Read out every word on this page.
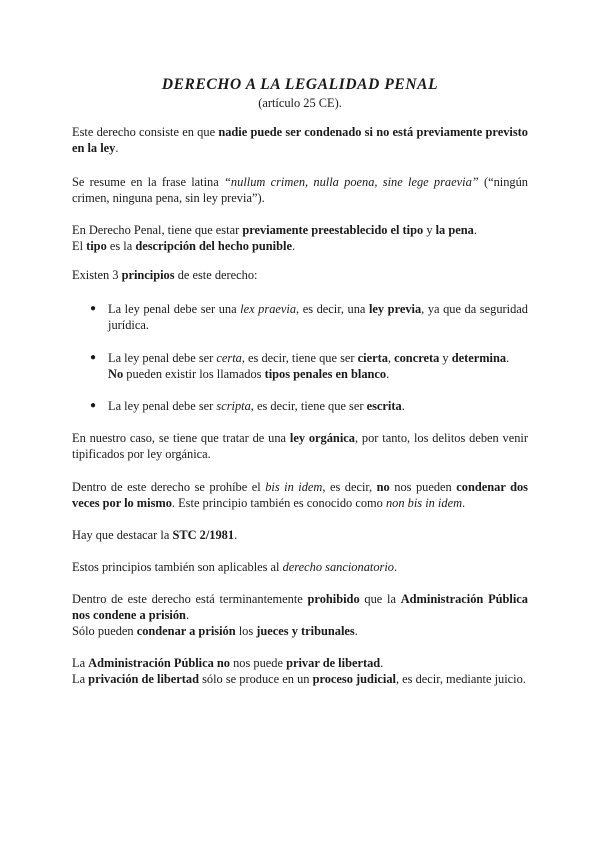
DERECHO A LA LEGALIDAD PENAL
(artículo 25 CE).

Este derecho consiste en que nadie puede ser condenado si no está previamente previsto en la ley.

Se resume en la frase latina “nullum crimen, nulla poena, sine lege praevia” (“ningún crimen, ninguna pena, sin ley previa”).

En Derecho Penal, tiene que estar previamente preestablecido el tipo y la pena.
El tipo es la descripción del hecho punible.

Existen 3 principios de este derecho:

● La ley penal debe ser una lex praevia, es decir, una ley previa, ya que da seguridad jurídica.

● La ley penal debe ser certa, es decir, tiene que ser cierta, concreta y determina.
No pueden existir los llamados tipos penales en blanco.

● La ley penal debe ser scripta, es decir, tiene que ser escrita.

En nuestro caso, se tiene que tratar de una ley orgánica, por tanto, los delitos deben venir tipificados por ley orgánica.

Dentro de este derecho se prohíbe el bis in idem, es decir, no nos pueden condenar dos veces por lo mismo. Este principio también es conocido como non bis in idem.

Hay que destacar la STC 2/1981.

Estos principios también son aplicables al derecho sancionatorio.

Dentro de este derecho está terminantemente prohibido que la Administración Pública nos condene a prisión.
Sólo pueden condenar a prisión los jueces y tribunales.

La Administración Pública no nos puede privar de libertad.
La privación de libertad sólo se produce en un proceso judicial, es decir, mediante juicio.
